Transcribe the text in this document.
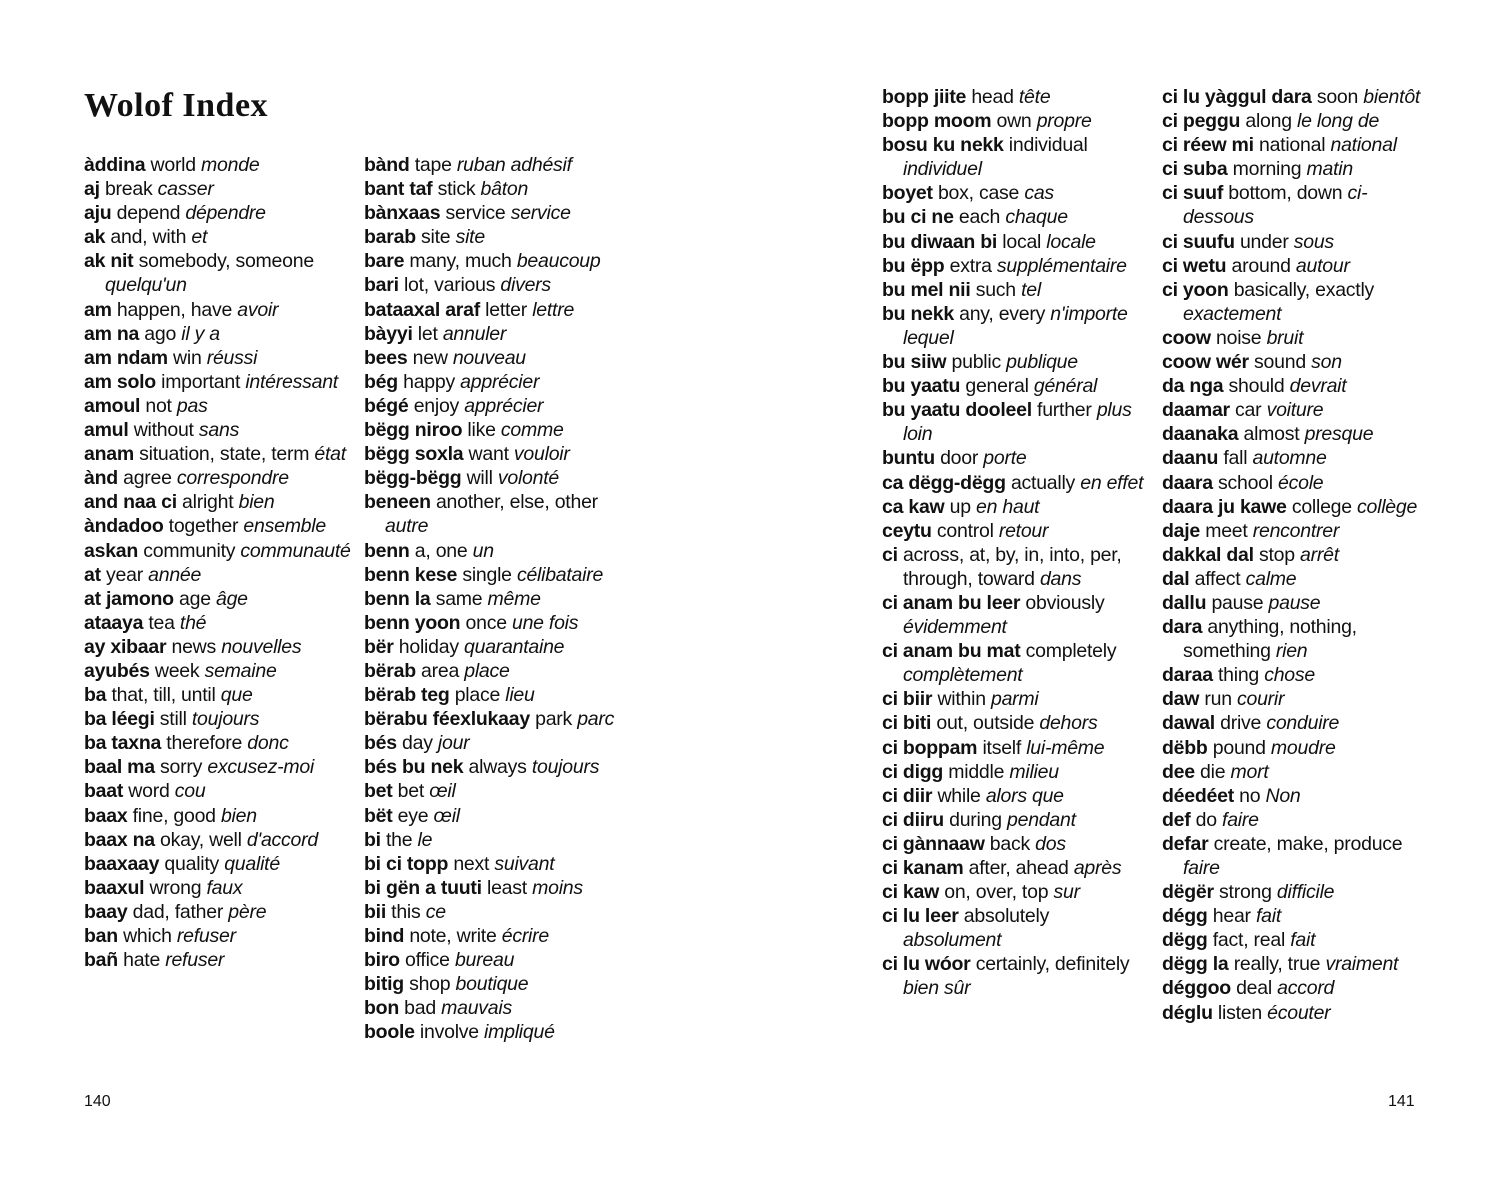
Wolof Index
àddina world monde
aj break casser
aju depend dépendre
ak and, with et
ak nit somebody, someone quelqu'un
am happen, have avoir
am na ago il y a
am ndam win réussi
am solo important intéressant
amoul not pas
amul without sans
anam situation, state, term état
ànd agree correspondre
and naa ci alright bien
àndadoo together ensemble
askan community communauté
at year année
at jamono age âge
ataaya tea thé
ay xibaar news nouvelles
ayubés week semaine
ba that, till, until que
ba léegi still toujours
ba taxna therefore donc
baal ma sorry excusez-moi
baat word cou
baax fine, good bien
baax na okay, well d'accord
baaxaay quality qualité
baaxul wrong faux
baay dad, father père
ban which refuser
bañ hate refuser
bànd tape ruban adhésif
bant taf stick bâton
bànxaas service service
barab site site
bare many, much beaucoup
bari lot, various divers
bataaxal araf letter lettre
bàyyi let annuler
bees new nouveau
bég happy apprécier
bégé enjoy apprécier
bëgg niroo like comme
bëgg soxla want vouloir
bëgg-bëgg will volonté
beneen another, else, other autre
benn a, one un
benn kese single célibataire
benn la same même
benn yoon once une fois
bër holiday quarantaine
bërab area place
bërab teg place lieu
bërabu féexlukaay park parc
bés day jour
bés bu nek always toujours
bet bet œil
bët eye œil
bi the le
bi ci topp next suivant
bi gën a tuuti least moins
bii this ce
bind note, write écrire
biro office bureau
bitig shop boutique
bon bad mauvais
boole involve impliqué
bopp jiite head tête
bopp moom own propre
bosu ku nekk individual individuel
boyet box, case cas
bu ci ne each chaque
bu diwaan bi local locale
bu ëpp extra supplémentaire
bu mel nii such tel
bu nekk any, every n'importe lequel
bu siiw public publique
bu yaatu general général
bu yaatu dooleel further plus loin
buntu door porte
ca dëgg-dëgg actually en effet
ca kaw up en haut
ceytu control retour
ci across, at, by, in, into, per, through, toward dans
ci anam bu leer obviously évidemment
ci anam bu mat completely complètement
ci biir within parmi
ci biti out, outside dehors
ci boppam itself lui-même
ci digg middle milieu
ci diir while alors que
ci diiru during pendant
ci gànnaaw back dos
ci kanam after, ahead après
ci kaw on, over, top sur
ci lu leer absolutely absolument
ci lu wóor certainly, definitely bien sûr
ci lu yàggul dara soon bientôt
ci peggu along le long de
ci réew mi national national
ci suba morning matin
ci suuf bottom, down ci-dessous
ci suufu under sous
ci wetu around autour
ci yoon basically, exactly exactement
coow noise bruit
coow wér sound son
da nga should devrait
daamar car voiture
daanaka almost presque
daanu fall automne
daara school école
daara ju kawe college collège
daje meet rencontrer
dakkal dal stop arrêt
dal affect calme
dallu pause pause
dara anything, nothing, something rien
daraa thing chose
daw run courir
dawal drive conduire
dëbb pound moudre
dee die mort
déedéet no Non
def do faire
defar create, make, produce faire
dëgër strong difficile
dégg hear fait
dëgg fact, real fait
dëgg la really, true vraiment
déggoo deal accord
déglu listen écouter
140	141
